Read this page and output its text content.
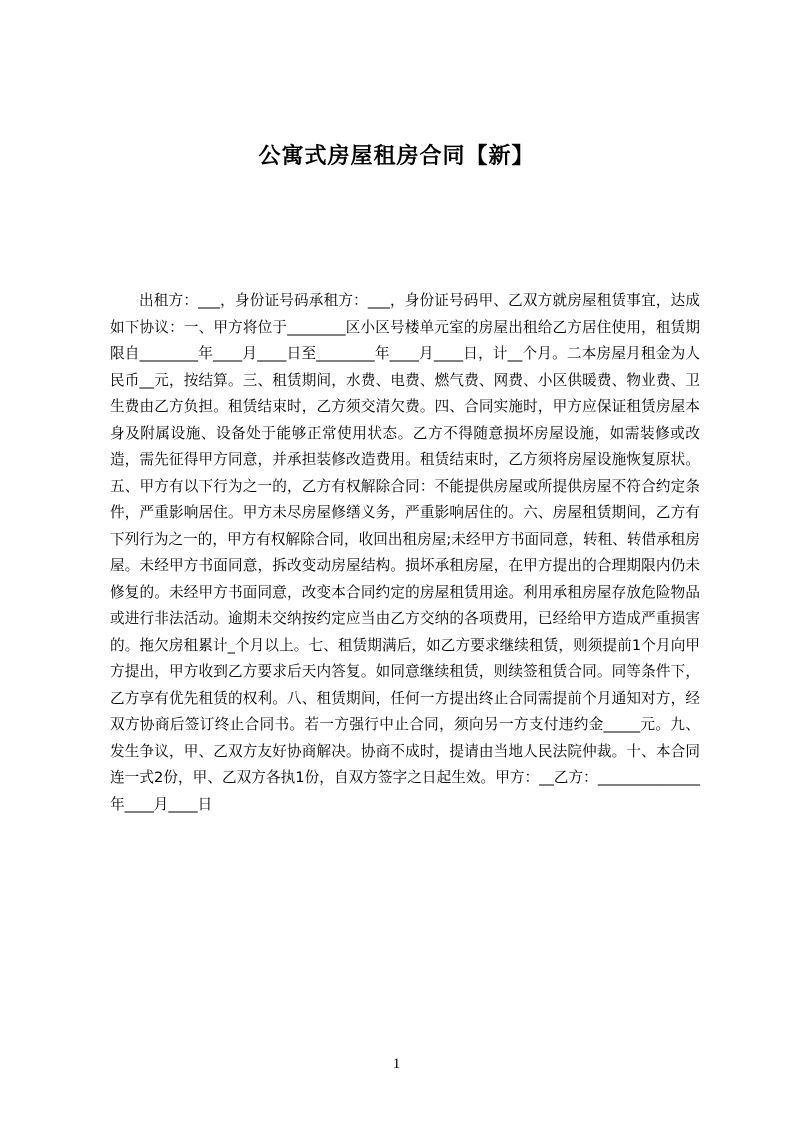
公寓式房屋租房合同【新】
出租方：___，身份证号码承租方：___，身份证号码甲、乙双方就房屋租赁事宜，达成如下协议：一、甲方将位于________区小区号楼单元室的房屋出租给乙方居住使用，租赁期限自________年____月____日至________年____月____日，计__个月。二本房屋月租金为人民币__元，按结算。三、租赁期间，水费、电费、燃气费、网费、小区供暖费、物业费、卫生费由乙方负担。租赁结束时，乙方须交清欠费。四、合同实施时，甲方应保证租赁房屋本身及附属设施、设备处于能够正常使用状态。乙方不得随意损坏房屋设施，如需装修或改造，需先征得甲方同意，并承担装修改造费用。租赁结束时，乙方须将房屋设施恢复原状。五、甲方有以下行为之一的，乙方有权解除合同：不能提供房屋或所提供房屋不符合约定条件，严重影响居住。甲方未尽房屋修缮义务，严重影响居住的。六、房屋租赁期间，乙方有下列行为之一的，甲方有权解除合同，收回出租房屋;未经甲方书面同意，转租、转借承租房屋。未经甲方书面同意，拆改变动房屋结构。损坏承租房屋，在甲方提出的合理期限内仍未修复的。未经甲方书面同意，改变本合同约定的房屋租赁用途。利用承租房屋存放危险物品或进行非法活动。逾期未交纳按约定应当由乙方交纳的各项费用，已经给甲方造成严重损害的。拖欠房租累计_个月以上。七、租赁期满后，如乙方要求继续租赁，则须提前1个月向甲方提出，甲方收到乙方要求后天内答复。如同意继续租赁，则续签租赁合同。同等条件下，乙方享有优先租赁的权利。八、租赁期间，任何一方提出终止合同需提前个月通知对方，经双方协商后签订终止合同书。若一方强行中止合同，须向另一方支付违约金_____元。九、发生争议，甲、乙双方友好协商解决。协商不成时，提请由当地人民法院仲裁。十、本合同连一式2份，甲、乙双方各执1份，自双方签字之日起生效。甲方：__乙方：______________年____月____日
1
